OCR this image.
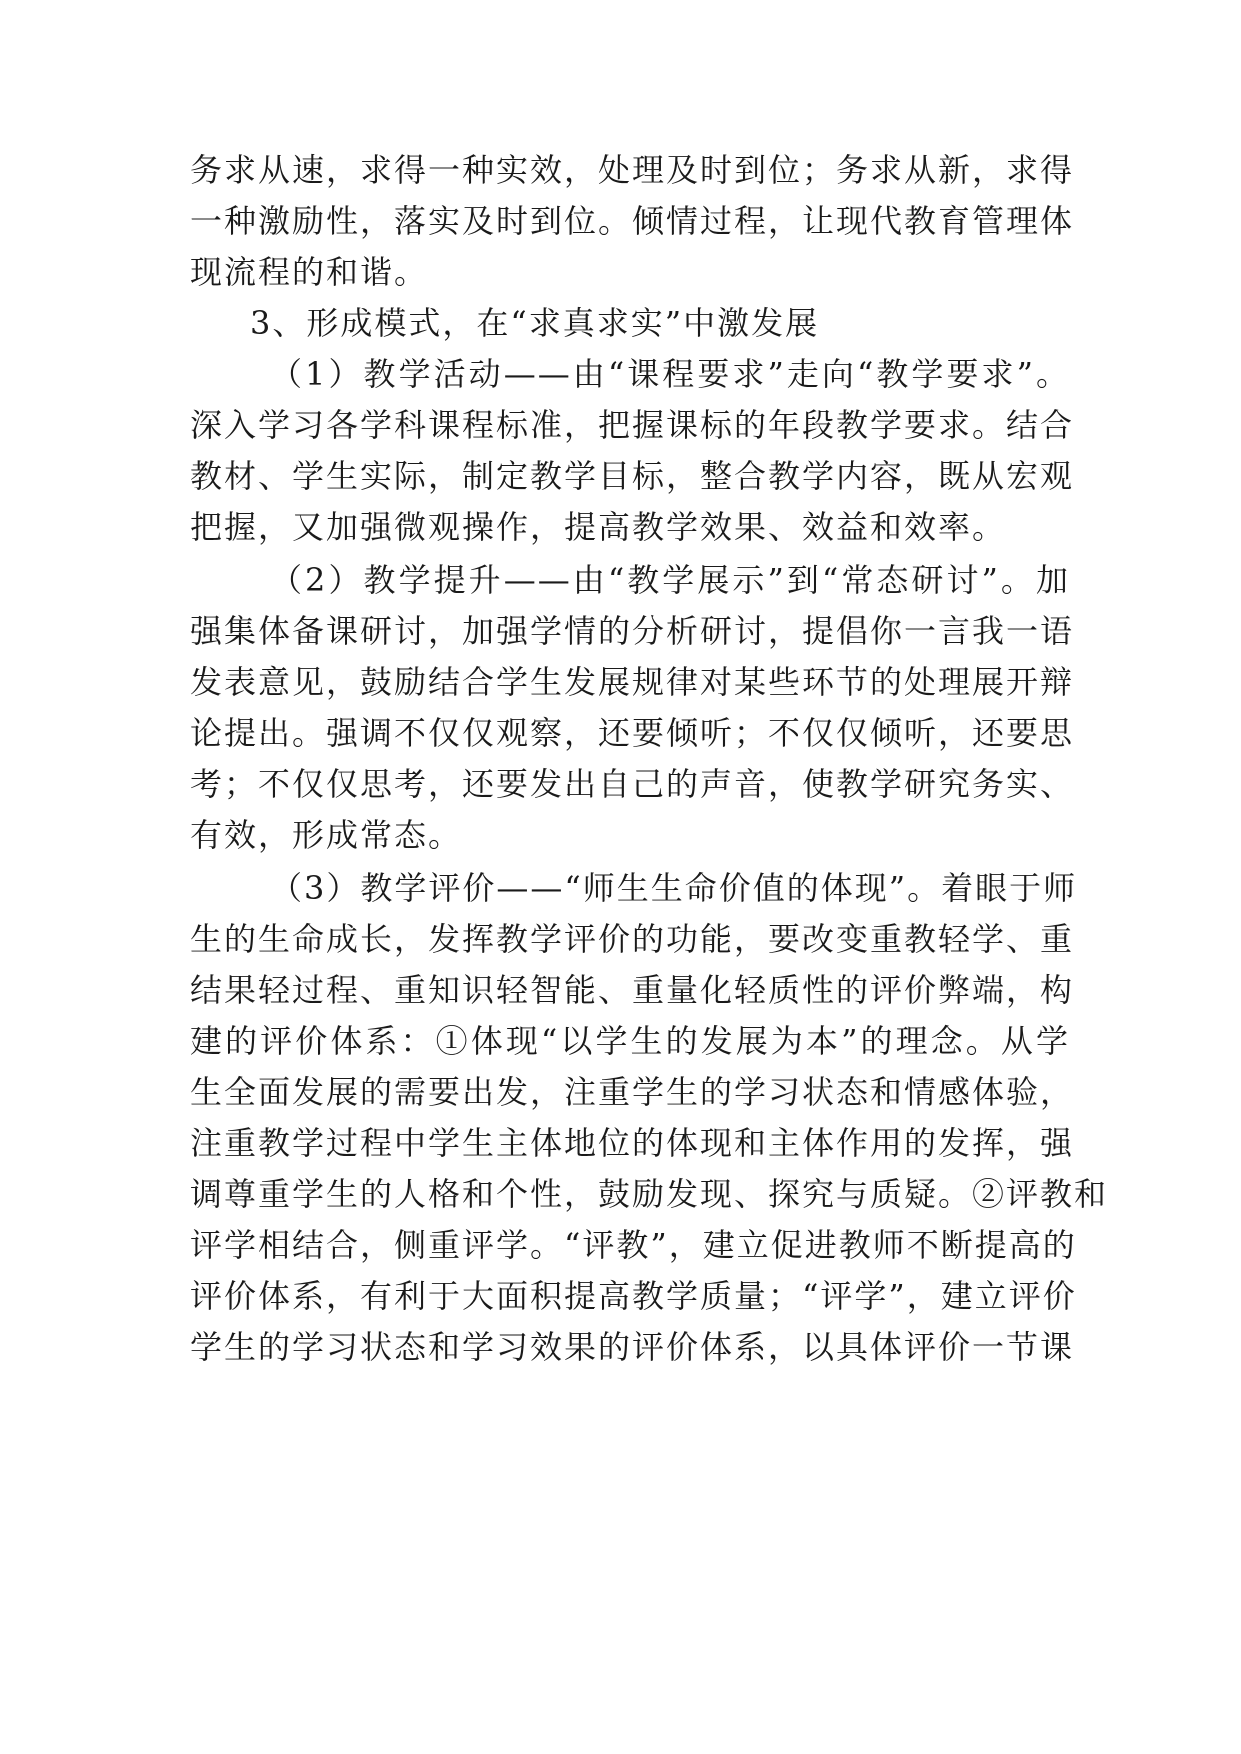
务求从速，求得一种实效，处理及时到位；务求从新，求得
一种激励性，落实及时到位。倾情过程，让现代教育管理体
现流程的和谐。
3、形成模式，在“求真求实”中激发展
（1）教学活动——由“课程要求”走向“教学要求”。
深入学习各学科课程标准，把握课标的年段教学要求。结合
教材、学生实际，制定教学目标，整合教学内容，既从宏观
把握，又加强微观操作，提高教学效果、效益和效率。
（2）教学提升——由“教学展示”到“常态研讨”。加
强集体备课研讨，加强学情的分析研讨，提倡你一言我一语
发表意见，鼓励结合学生发展规律对某些环节的处理展开辩
论提出。强调不仅仅观察，还要倾听；不仅仅倾听，还要思
考；不仅仅思考，还要发出自己的声音，使教学研究务实、
有效，形成常态。
（3）教学评价——“师生生命价值的体现”。着眼于师
生的生命成长，发挥教学评价的功能，要改变重教轻学、重
结果轻过程、重知识轻智能、重量化轻质性的评价弊端，构
建的评价体系：①体现“以学生的发展为本”的理念。从学
生全面发展的需要出发，注重学生的学习状态和情感体验，
注重教学过程中学生主体地位的体现和主体作用的发挥，强
调尊重学生的人格和个性，鼓励发现、探究与质疑。②评教和
评学相结合，侧重评学。“评教”，建立促进教师不断提高的
评价体系，有利于大面积提高教学质量；“评学”，建立评价
学生的学习状态和学习效果的评价体系，以具体评价一节课
